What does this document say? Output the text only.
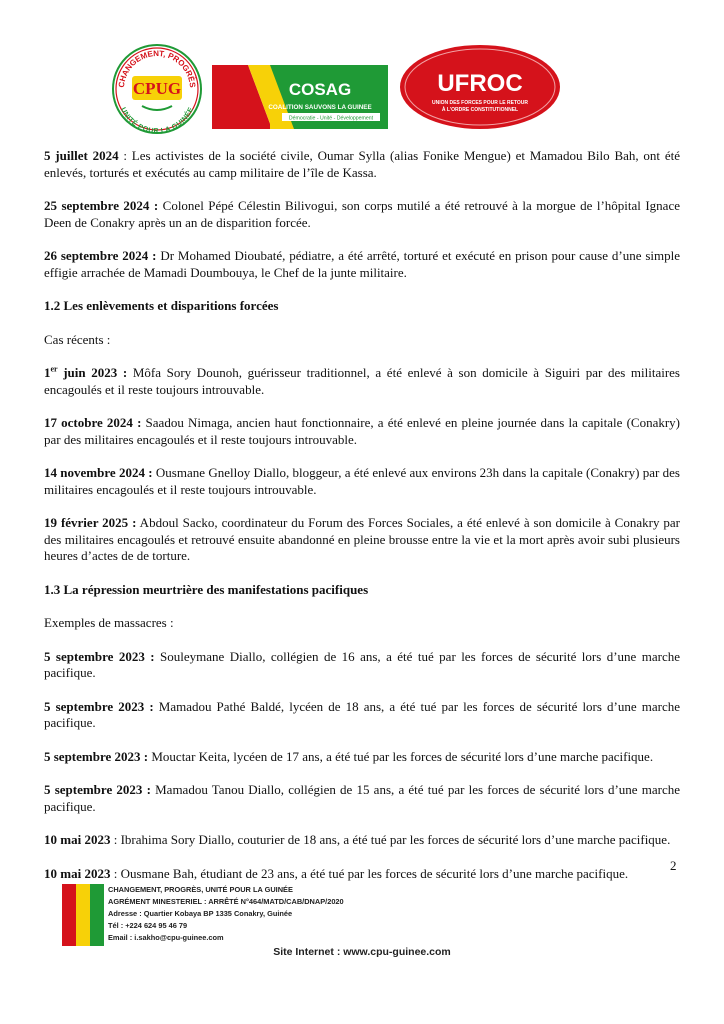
CHANGEMENT, PROGRÈS
UNITÉ POUR LA GUINÉE
CPUG	COSAG
COALITION SAUVONS LA GUINEE
Démocratie - Unité - Développement
UFROC
UNION DES FORCES POUR LE RETOUR
À L'ORDRE CONSTITUTIONNEL

5 juillet 2024 : Les activistes de la société civile, Oumar Sylla (alias Fonike Mengue) et Mamadou Bilo Bah, ont été enlevés, torturés et exécutés au camp militaire de l’île de Kassa.

25 septembre 2024 : Colonel Pépé Célestin Bilivogui, son corps mutilé a été retrouvé à la morgue de l’hôpital Ignace Deen de Conakry après un an de disparition forcée.

26 septembre 2024 : Dr Mohamed Dioubaté, pédiatre, a été arrêté, torturé et exécuté en prison pour cause d’une simple effigie arrachée de Mamadi Doumbouya, le Chef de la junte militaire.

1.2 Les enlèvements et disparitions forcées
Cas récents :

1er juin 2023 : Môfa Sory Dounoh, guérisseur traditionnel, a été enlevé à son domicile à Siguiri par des militaires encagoulés et il reste toujours introuvable.

17 octobre 2024 : Saadou Nimaga, ancien haut fonctionnaire, a été enlevé en pleine journée dans la capitale (Conakry) par des militaires encagoulés et il reste toujours introuvable.

14 novembre 2024 : Ousmane Gnelloy Diallo, bloggeur, a été enlevé aux environs 23h dans la capitale (Conakry) par des militaires encagoulés et il reste toujours introuvable.

19 février 2025 : Abdoul Sacko, coordinateur du Forum des Forces Sociales, a été enlevé à son domicile à Conakry par des militaires encagoulés et retrouvé ensuite abandonné en pleine brousse entre la vie et la mort après avoir subi plusieurs heures d’actes de de torture.

1.3 La répression meurtrière des manifestations pacifiques
Exemples de massacres :

5 septembre 2023 : Souleymane Diallo, collégien de 16 ans, a été tué par les forces de sécurité lors d’une marche pacifique.

5 septembre 2023 : Mamadou Pathé Baldé, lycéen de 18 ans, a été tué par les forces de sécurité lors d’une marche pacifique.

5 septembre 2023 : Mouctar Keita, lycéen de 17 ans, a été tué par les forces de sécurité lors d’une marche pacifique.

5 septembre 2023 : Mamadou Tanou Diallo, collégien de 15 ans, a été tué par les forces de sécurité lors d’une marche pacifique.

10 mai 2023 : Ibrahima Sory Diallo, couturier de 18 ans, a été tué par les forces de sécurité lors d’une marche pacifique.

10 mai 2023 : Ousmane Bah, étudiant de 23 ans, a été tué par les forces de sécurité lors d’une marche pacifique.	2
CHANGEMENT, PROGRÈS, UNITÉ POUR LA GUINÉE
AGRÉMENT MINESTERIEL : ARRÊTÉ N°464/MATD/CAB/DNAP/2020
Adresse : Quartier Kobaya BP 1335 Conakry, Guinée
Tél : +224 624 95 46 79
Email : i.sakho@cpu-guinee.com
Site Internet : www.cpu-guinee.com
